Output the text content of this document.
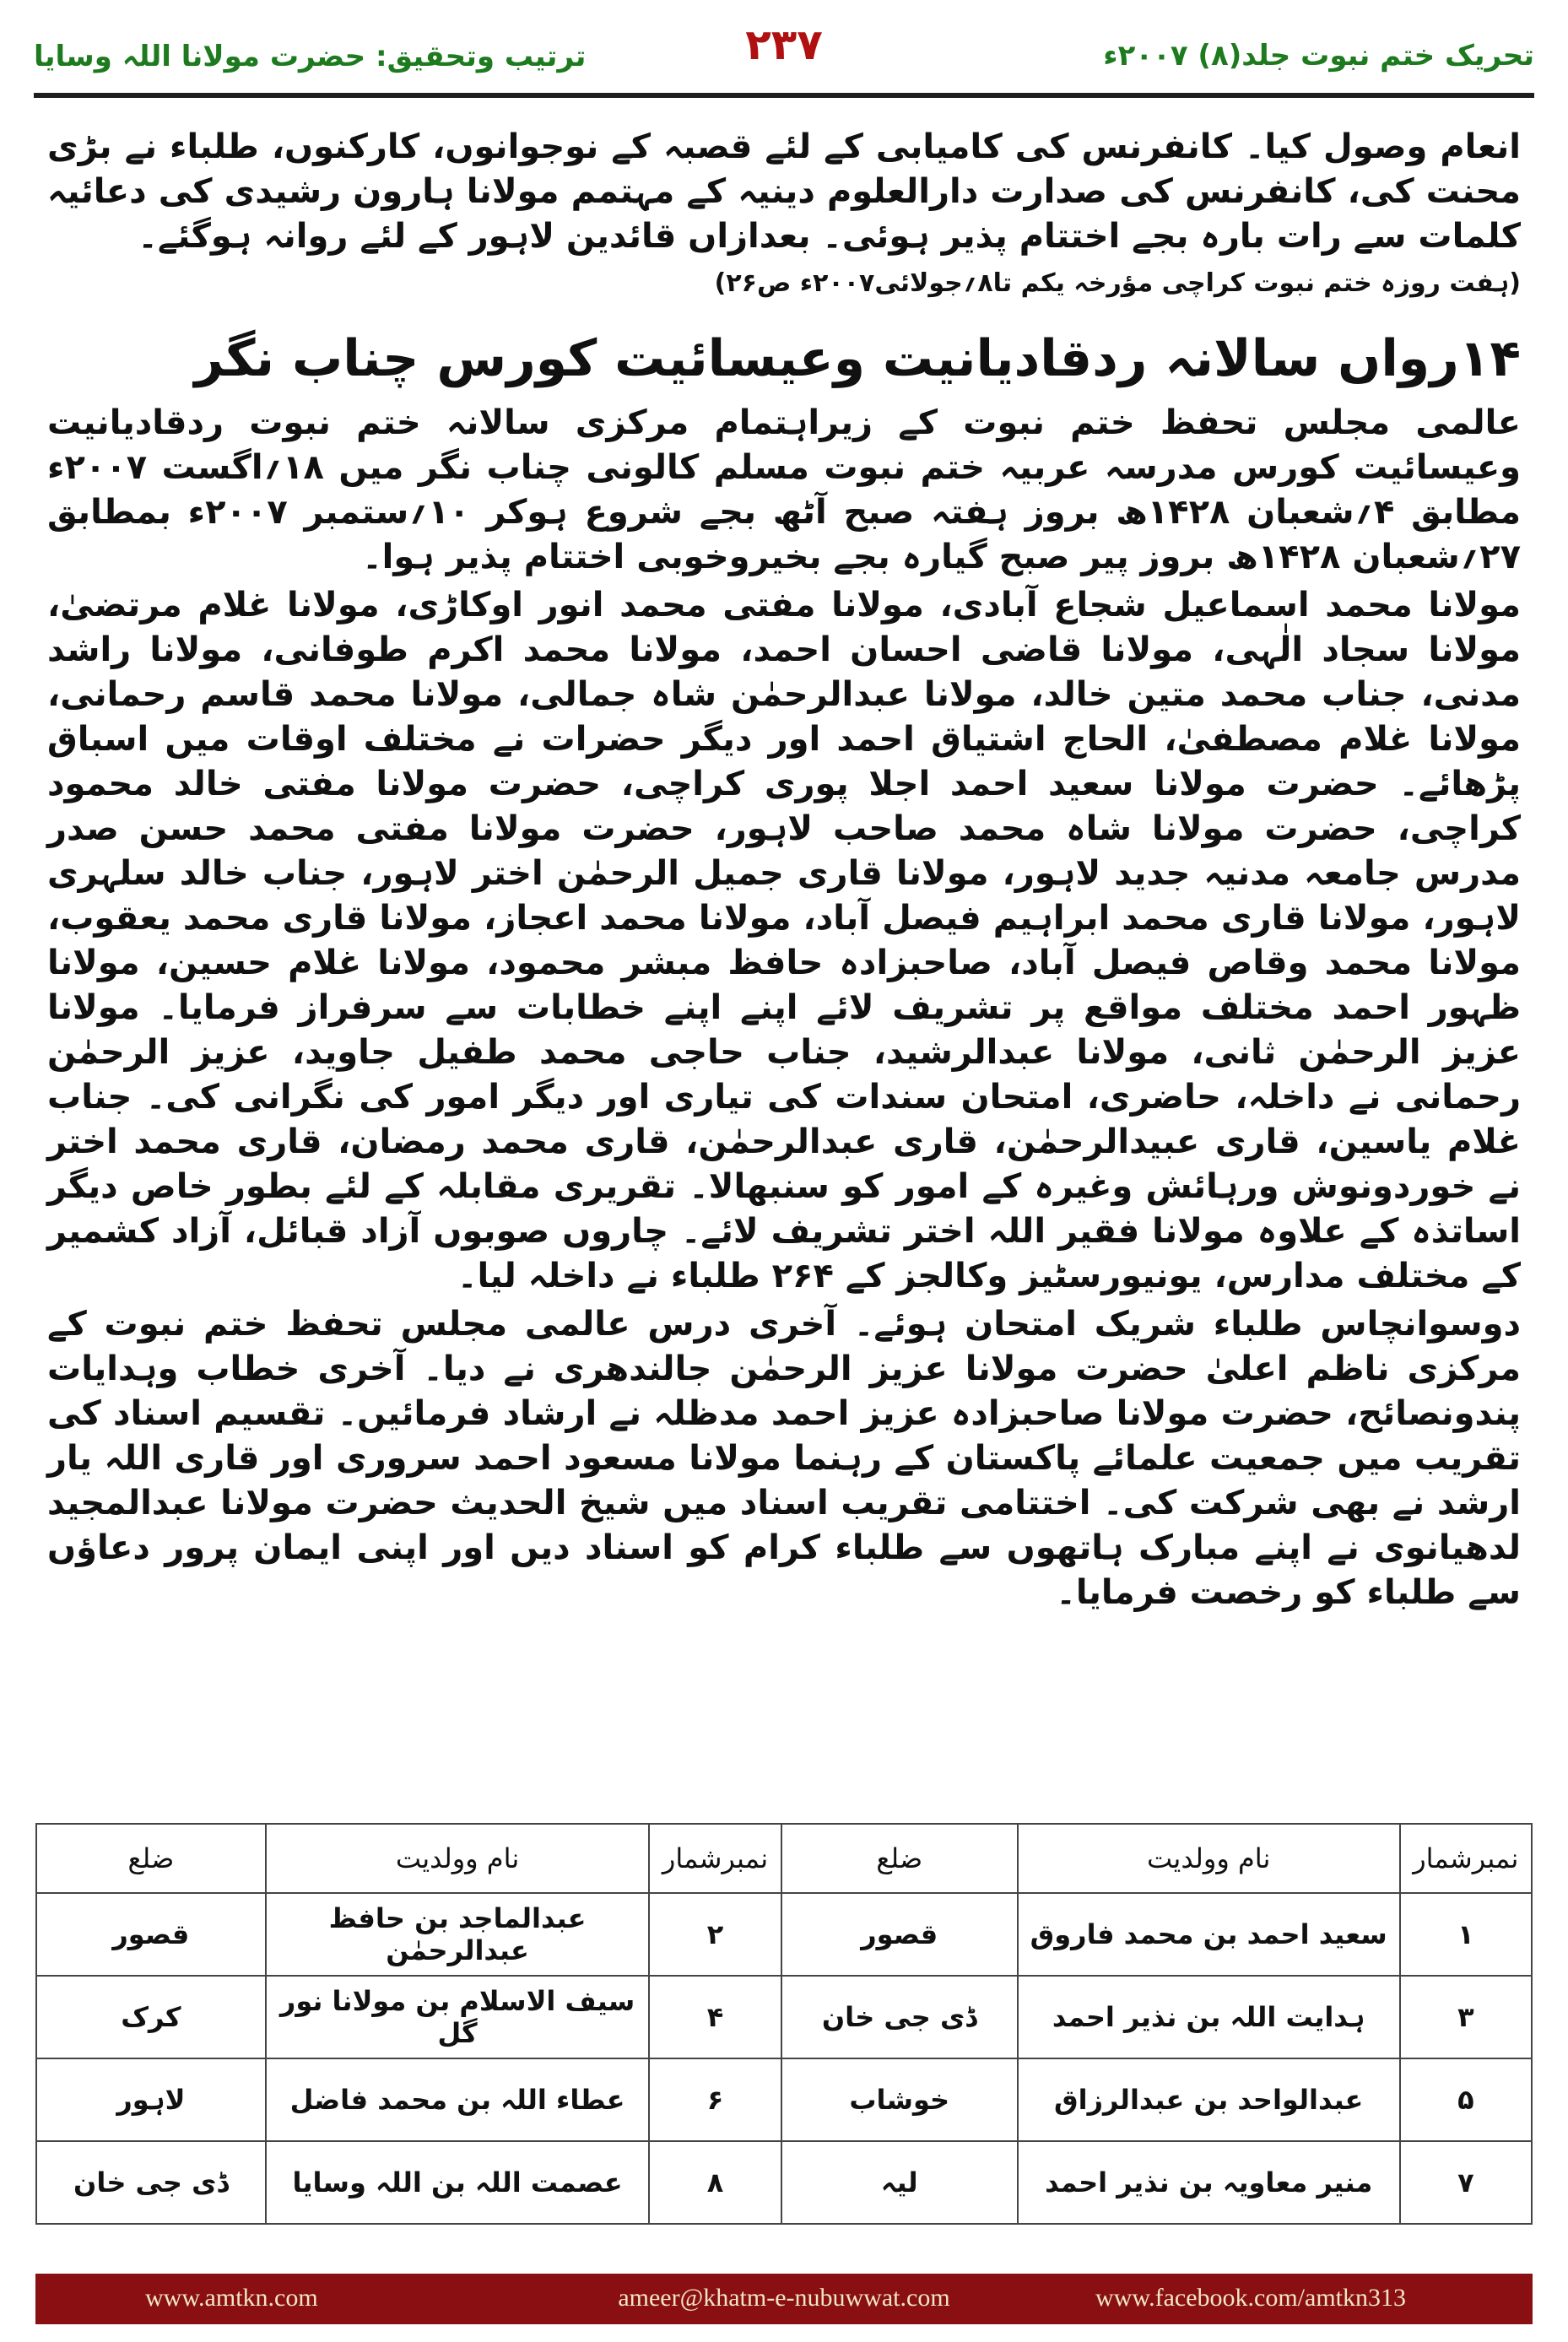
تحریک ختم نبوت جلد(۸) ۲۰۰۷ء
۲۳۷
ترتیب وتحقیق: حضرت مولانا اللہ وسایا

انعام وصول کیا۔ کانفرنس کی کامیابی کے لئے قصبہ کے نوجوانوں، کارکنوں، طلباء نے بڑی محنت کی، کانفرنس کی صدارت دارالعلوم دینیہ کے مہتمم مولانا ہارون رشیدی کی دعائیہ کلمات سے رات بارہ بجے اختتام پذیر ہوئی۔ بعدازاں قائدین لاہور کے لئے روانہ ہوگئے۔

(ہفت روزہ ختم نبوت کراچی مؤرخہ یکم تا۸؍جولائی۲۰۰۷ء ص۲۶)

۱۴رواں سالانہ ردقادیانیت وعیسائیت کورس چناب نگر

عالمی مجلس تحفظ ختم نبوت کے زیراہتمام مرکزی سالانہ ختم نبوت ردقادیانیت وعیسائیت کورس مدرسہ عربیہ ختم نبوت مسلم کالونی چناب نگر میں ۱۸؍اگست ۲۰۰۷ء مطابق ۴؍شعبان ۱۴۲۸ھ بروز ہفتہ صبح آٹھ بجے شروع ہوکر ۱۰؍ستمبر ۲۰۰۷ء بمطابق ۲۷؍شعبان ۱۴۲۸ھ بروز پیر صبح گیارہ بجے بخیروخوبی اختتام پذیر ہوا۔

مولانا محمد اسماعیل شجاع آبادی، مولانا مفتی محمد انور اوکاڑی، مولانا غلام مرتضیٰ، مولانا سجاد الٰہی، مولانا قاضی احسان احمد، مولانا محمد اکرم طوفانی، مولانا راشد مدنی، جناب محمد متین خالد، مولانا عبدالرحمٰن شاہ جمالی، مولانا محمد قاسم رحمانی، مولانا غلام مصطفیٰ، الحاج اشتیاق احمد اور دیگر حضرات نے مختلف اوقات میں اسباق پڑھائے۔ حضرت مولانا سعید احمد اجلا پوری کراچی، حضرت مولانا مفتی خالد محمود کراچی، حضرت مولانا شاہ محمد صاحب لاہور، حضرت مولانا مفتی محمد حسن صدر مدرس جامعہ مدنیہ جدید لاہور، مولانا قاری جمیل الرحمٰن اختر لاہور، جناب خالد سلہری لاہور، مولانا قاری محمد ابراہیم فیصل آباد، مولانا محمد اعجاز، مولانا قاری محمد یعقوب، مولانا محمد وقاص فیصل آباد، صاحبزادہ حافظ مبشر محمود، مولانا غلام حسین، مولانا ظہور احمد مختلف مواقع پر تشریف لائے اپنے اپنے خطابات سے سرفراز فرمایا۔ مولانا عزیز الرحمٰن ثانی، مولانا عبدالرشید، جناب حاجی محمد طفیل جاوید، عزیز الرحمٰن رحمانی نے داخلہ، حاضری، امتحان سندات کی تیاری اور دیگر امور کی نگرانی کی۔ جناب غلام یاسین، قاری عبیدالرحمٰن، قاری عبدالرحمٰن، قاری محمد رمضان، قاری محمد اختر نے خوردونوش ورہائش وغیرہ کے امور کو سنبھالا۔ تقریری مقابلہ کے لئے بطور خاص دیگر اساتذہ کے علاوہ مولانا فقیر اللہ اختر تشریف لائے۔ چاروں صوبوں آزاد قبائل، آزاد کشمیر کے مختلف مدارس، یونیورسٹیز وکالجز کے ۲۶۴ طلباء نے داخلہ لیا۔

دوسوانچاس طلباء شریک امتحان ہوئے۔ آخری درس عالمی مجلس تحفظ ختم نبوت کے مرکزی ناظم اعلیٰ حضرت مولانا عزیز الرحمٰن جالندھری نے دیا۔ آخری خطاب وہدایات پندونصائح، حضرت مولانا صاحبزادہ عزیز احمد مدظلہ نے ارشاد فرمائیں۔ تقسیم اسناد کی تقریب میں جمعیت علمائے پاکستان کے رہنما مولانا مسعود احمد سروری اور قاری اللہ یار ارشد نے بھی شرکت کی۔ اختتامی تقریب اسناد میں شیخ الحدیث حضرت مولانا عبدالمجید لدھیانوی نے اپنے مبارک ہاتھوں سے طلباء کرام کو اسناد دیں اور اپنی ایمان پرور دعاؤں سے طلباء کو رخصت فرمایا۔

نمبرشمار	نام وولدیت	ضلع	نمبرشمار	نام وولدیت	ضلع
۱	سعید احمد بن محمد فاروق	قصور	۲	عبدالماجد بن حافظ عبدالرحمٰن	قصور
۳	ہدایت اللہ بن نذیر احمد	ڈی جی خان	۴	سیف الاسلام بن مولانا نور گل	کرک
۵	عبدالواحد بن عبدالرزاق	خوشاب	۶	عطاء اللہ بن محمد فاضل	لاہور
۷	منیر معاویہ بن نذیر احمد	لیہ	۸	عصمت اللہ بن اللہ وسایا	ڈی جی خان
www.amtkn.com	ameer@khatm-e-nubuwwat.com	www.facebook.com/amtkn313
